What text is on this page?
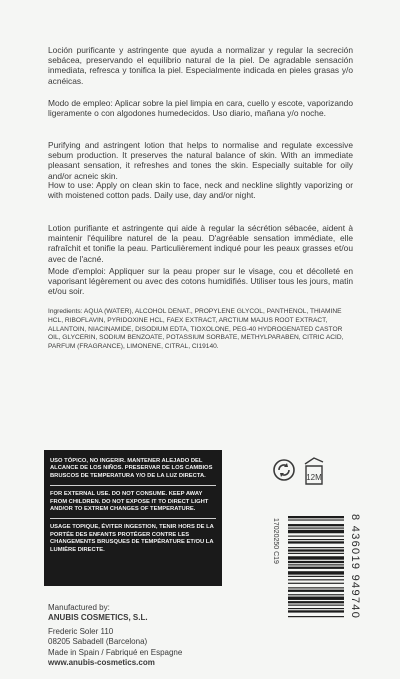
Loción purificante y astringente que ayuda a normalizar y regular la secreción sebácea, preservando el equilibrio natural de la piel. De agradable sensación inmediata, refresca y tonifica la piel. Especialmente indicada en pieles grasas y/o acnéicas.

Modo de empleo: Aplicar sobre la piel limpia en cara, cuello y escote, vaporizando ligeramente o con algodones humedecidos. Uso diario, mañana y/o noche.

Purifying and astringent lotion that helps to normalise and regulate excessive sebum production. It preserves the natural balance of skin. With an immediate pleasant sensation, it refreshes and tones the skin. Especially suitable for oily and/or acneic skin.

How to use: Apply on clean skin to face, neck and neckline slightly vaporizing or with moistened cotton pads. Daily use, day and/or night.

Lotion purifiante et astringente qui aide à regular la sécrétion sébacée, aident à maintenir l'équilibre naturel de la peau. D'agréable sensation immédiate, elle rafraîchit et tonifie la peau. Particulièrement indiqué pour les peaux grasses et/ou avec de l'acné.

Mode d'emploi: Appliquer sur la peau proper sur le visage, cou et décolleté en vaporisant légèrement ou avec des cotons humidifiés. Utiliser tous les jours, matin et/ou soir.

Ingredients: AQUA (WATER), ALCOHOL DENAT., PROPYLENE GLYCOL, PANTHENOL, THIAMINE HCL, RIBOFLAVIN, PYRIDOXINE HCL, FAEX EXTRACT, ARCTIUM MAJUS ROOT EXTRACT, ALLANTOIN, NIACINAMIDE, DISODIUM EDTA, TIOXOLONE, PEG-40 HYDROGENATED CASTOR OIL, GLYCERIN, SODIUM BENZOATE, POTASSIUM SORBATE, METHYLPARABEN, CITRIC ACID, PARFUM (FRAGRANCE), LIMONENE, CITRAL, CI19140.

USO TÓPICO, NO INGERIR. MANTENER ALEJADO DEL ALCANCE DE LOS NIÑOS. PRESERVAR DE LOS CAMBIOS BRUSCOS DE TEMPERATURA Y/O DE LA LUZ DIRECTA.

FOR EXTERNAL USE. DO NOT CONSUME. KEEP AWAY FROM CHILDREN. DO NOT EXPOSE IT TO DIRECT LIGHT AND/OR TO EXTREM CHANGES OF TEMPERATURE.

USAGE TOPIQUE, ÉVITER INGESTION, TENIR HORS DE LA PORTÉE DES ENFANTS PROTÉGER CONTRE LES CHANGEMENTS BRUSQUES DE TEMPÉRATURE ET/OU LA LUMIÈRE DIRECTE.

12M
17020250 C19	8 436019 949740
Manufactured by:
ANUBIS COSMETICS, S.L.
Frederic Soler 110
08205 Sabadell (Barcelona)
Made in Spain / Fabriqué en Espagne
www.anubis-cosmetics.com
